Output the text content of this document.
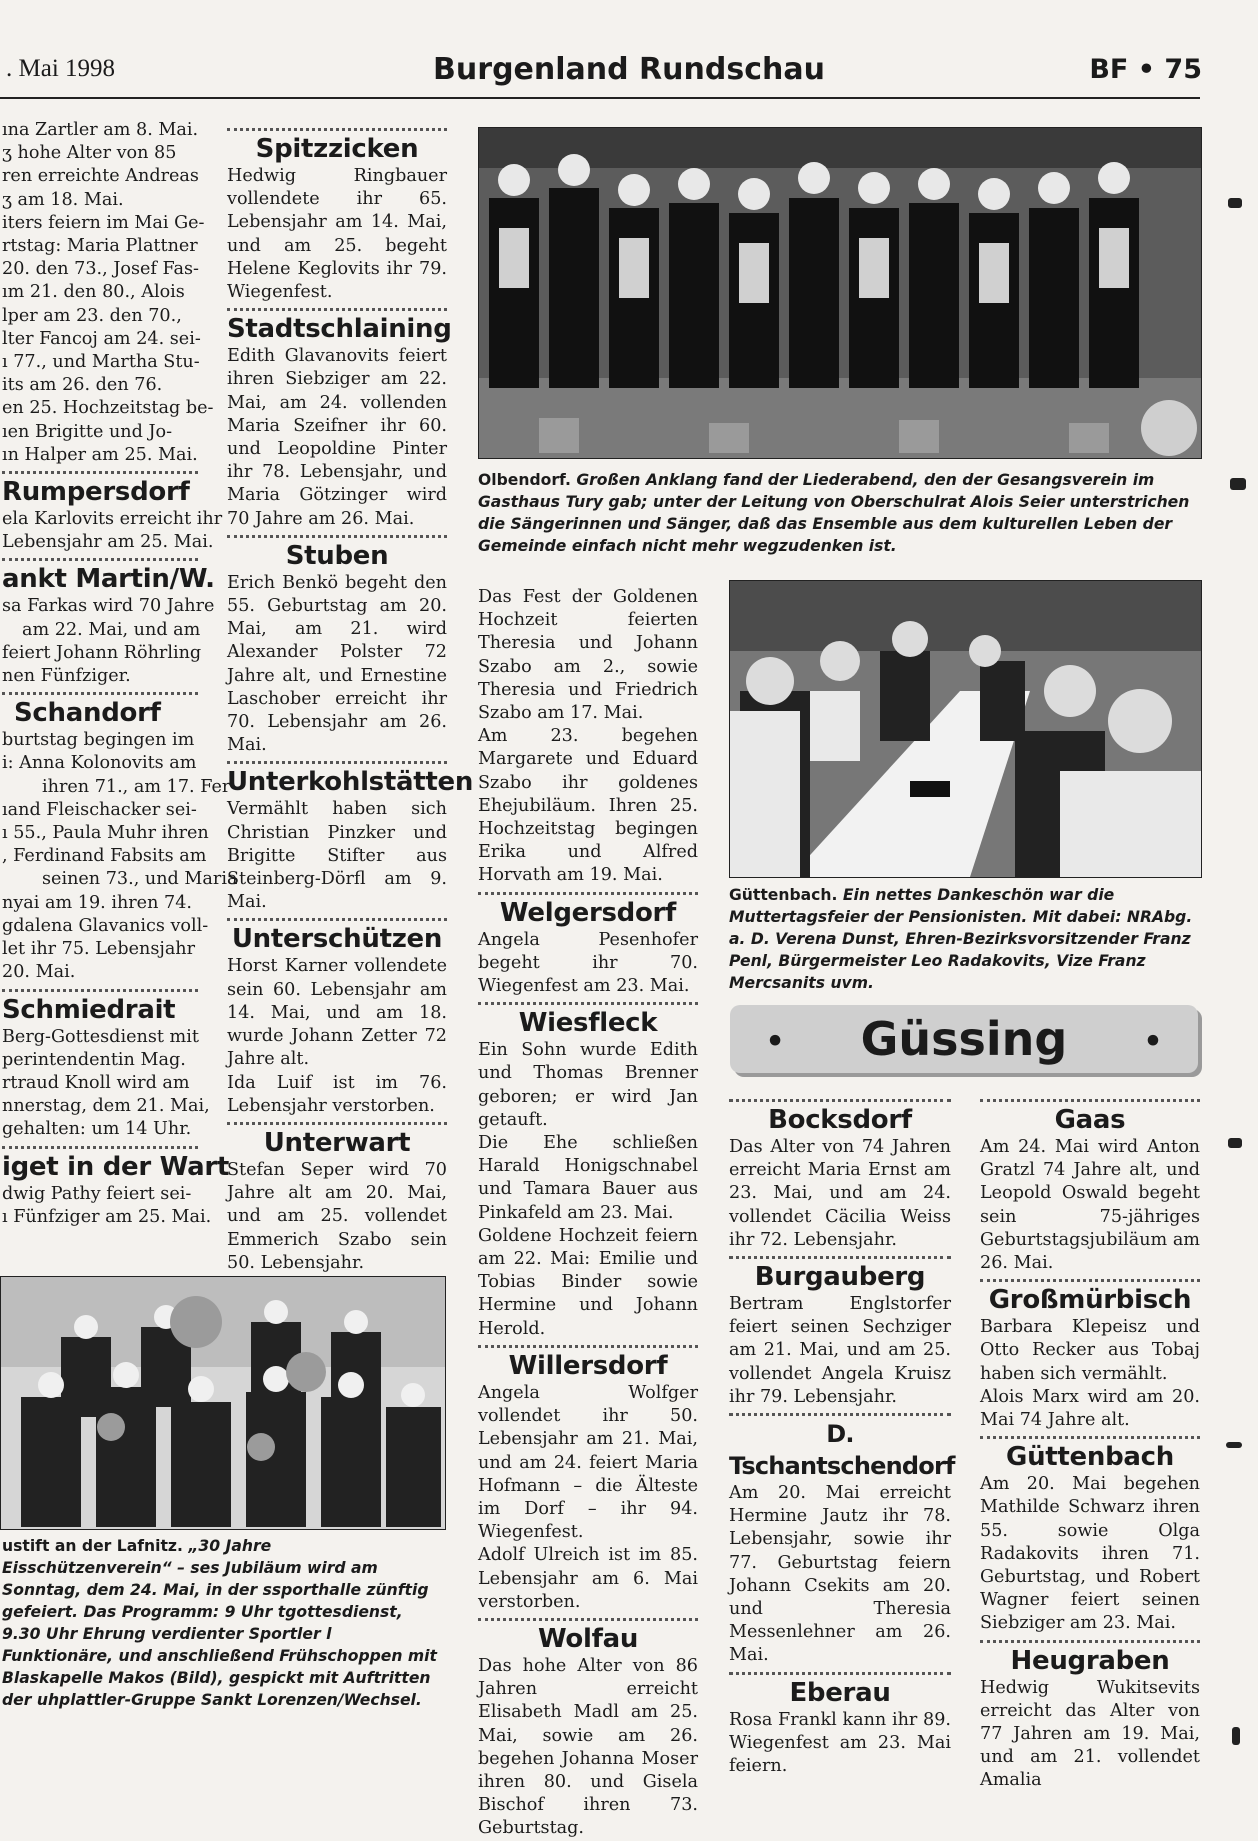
. Mai 1998	Burgenland Rundschau	BF • 75

ına Zartler am 8. Mai.

ʒ hohe Alter von 85

ren erreichte Andreas

ʒ am 18. Mai.

iters feiern im Mai Ge-

rtstag: Maria Plattner

20. den 73., Josef Fas-

ım 21. den 80., Alois

lper am 23. den 70.,

lter Fancoj am 24. sei-

ı 77., und Martha Stu-

its am 26. den 76.

en 25. Hochzeitstag be-

ıen Brigitte und Jo-

ın Halper am 25. Mai.

Rumpersdorf

ela Karlovits erreicht ihr

Lebensjahr am 25. Mai.

ankt Martin/W.

sa Farkas wird 70 Jahre

am 22. Mai, und am

feiert Johann Röhrling

nen Fünfziger.

Schandorf

burtstag begingen im

i: Anna Kolonovits am

ihren 71., am 17. Fer-

ıand Fleischacker sei-

ı 55., Paula Muhr ihren

, Ferdinand Fabsits am

seinen 73., und Maria

nyai am 19. ihren 74.

gdalena Glavanics voll-

let ihr 75. Lebensjahr

20. Mai.

Schmiedrait

Berg-Gottesdienst mit

perintendentin Mag.

rtraud Knoll wird am

nnerstag, dem 21. Mai,

gehalten: um 14 Uhr.

iget in der Wart

dwig Pathy feiert sei-

ı Fünfziger am 25. Mai.

ustift an der Lafnitz. „30 Jahre Eisschützenverein“ – ses Jubiläum wird am Sonntag, dem 24. Mai, in der ssporthalle zünftig gefeiert. Das Programm: 9 Uhr tgottesdienst, 9.30 Uhr Ehrung verdienter Sportler l Funktionäre, und anschließend Frühschoppen mit Blaskapelle Makos (Bild), gespickt mit Auftritten der uhplattler-Gruppe Sankt Lorenzen/Wechsel.
Spitzzicken

Hedwig Ringbauer vollendete ihr 65. Lebensjahr am 14. Mai, und am 25. begeht Helene Keglovits ihr 79. Wiegenfest.

Stadtschlaining

Edith Glavanovits feiert ihren Siebziger am 22. Mai, am 24. vollenden Maria Szeifner ihr 60. und Leopoldine Pinter ihr 78. Lebensjahr, und Maria Götzinger wird 70 Jahre am 26. Mai.

Stuben

Erich Benkö begeht den 55. Geburtstag am 20. Mai, am 21. wird Alexander Polster 72 Jahre alt, und Ernestine Laschober erreicht ihr 70. Lebensjahr am 26. Mai.

Unterkohlstätten

Vermählt haben sich Christian Pinzker und Brigitte Stifter aus Steinberg-Dörfl am 9. Mai.

Unterschützen

Horst Karner vollendete sein 60. Lebensjahr am 14. Mai, und am 18. wurde Johann Zetter 72 Jahre alt.

Ida Luif ist im 76. Lebensjahr verstorben.

Unterwart

Stefan Seper wird 70 Jahre alt am 20. Mai, und am 25. vollendet Emmerich Szabo sein 50. Lebensjahr.

Olbendorf. Großen Anklang fand der Liederabend, den der Gesangsverein im Gasthaus Tury gab; unter der Leitung von Oberschulrat Alois Seier unterstrichen die Sängerinnen und Sänger, daß das Ensemble aus dem kulturellen Leben der Gemeinde einfach nicht mehr wegzudenken ist.

Das Fest der Goldenen Hochzeit feierten Theresia und Johann Szabo am 2., sowie Theresia und Friedrich Szabo am 17. Mai.

Am 23. begehen Margarete und Eduard Szabo ihr goldenes Ehejubiläum. Ihren 25. Hochzeitstag begingen Erika und Alfred Horvath am 19. Mai.

Welgersdorf

Angela Pesenhofer begeht ihr 70. Wiegenfest am 23. Mai.

Wiesfleck

Ein Sohn wurde Edith und Thomas Brenner geboren; er wird Jan getauft.

Die Ehe schließen Harald Honigschnabel und Tamara Bauer aus Pinkafeld am 23. Mai.

Goldene Hochzeit feiern am 22. Mai: Emilie und Tobias Binder sowie Hermine und Johann Herold.

Willersdorf

Angela Wolfger vollendet ihr 50. Lebensjahr am 21. Mai, und am 24. feiert Maria Hofmann – die Älteste im Dorf – ihr 94. Wiegenfest.

Adolf Ulreich ist im 85. Lebensjahr am 6. Mai verstorben.

Wolfau

Das hohe Alter von 86 Jahren erreicht Elisabeth Madl am 25. Mai, sowie am 26. begehen Johanna Moser ihren 80. und Gisela Bischof ihren 73. Geburtstag.

Güttenbach. Ein nettes Dankeschön war die Muttertagsfeier der Pensionisten. Mit dabei: NRAbg. a. D. Verena Dunst, Ehren-Bezirksvorsitzender Franz Penl, Bürgermeister Leo Radakovits, Vize Franz Mercsanits uvm.
• Güssing	•
Bocksdorf

Das Alter von 74 Jahren erreicht Maria Ernst am 23. Mai, und am 24. vollendet Cäcilia Weiss ihr 72. Lebensjahr.

Burgauberg

Bertram Englstorfer feiert seinen Sechziger am 21. Mai, und am 25. vollendet Angela Kruisz ihr 79. Lebensjahr.

D. Tschantschendorf

Am 20. Mai erreicht Hermine Jautz ihr 78. Lebensjahr, sowie ihr 77. Geburtstag feiern Johann Csekits am 20. und Theresia Messenlehner am 26. Mai.

Eberau

Rosa Frankl kann ihr 89. Wiegenfest am 23. Mai feiern.

Gaas

Am 24. Mai wird Anton Gratzl 74 Jahre alt, und Leopold Oswald begeht sein 75-jähriges Geburtstagsjubiläum am 26. Mai.

Großmürbisch

Barbara Klepeisz und Otto Recker aus Tobaj haben sich vermählt.

Alois Marx wird am 20. Mai 74 Jahre alt.

Güttenbach

Am 20. Mai begehen Mathilde Schwarz ihren 55. sowie Olga Radakovits ihren 71. Geburtstag, und Robert Wagner feiert seinen Siebziger am 23. Mai.

Heugraben

Hedwig Wukitsevits erreicht das Alter von 77 Jahren am 19. Mai, und am 21. vollendet Amalia
